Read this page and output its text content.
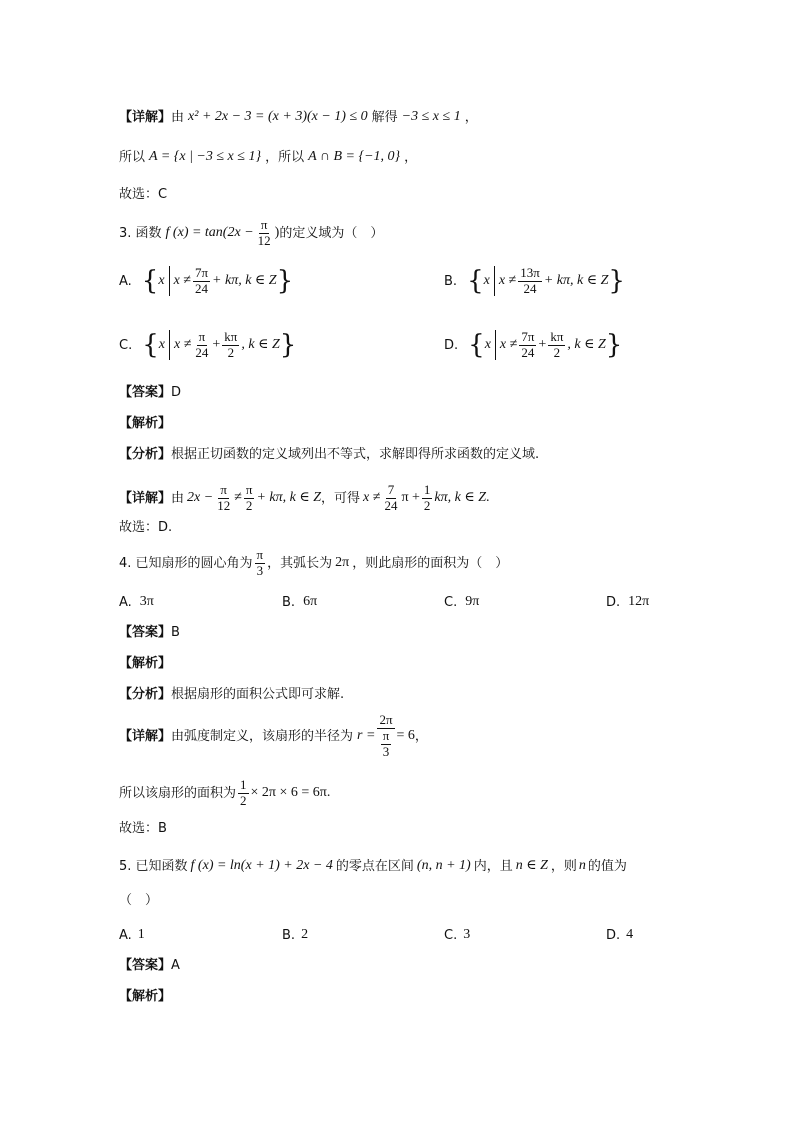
【详解】 由 x² + 2x − 3 = (x + 3)(x − 1) ≤ 0 解得 −3 ≤ x ≤ 1 ，
所以 A = {x | −3 ≤ x ≤ 1} ，所以 A ∩ B = {−1, 0} ，
故选：C
3. 函数 f $(x) = \tan(2x - \frac{\pi}{12}$ ) 的定义域为（　）
A. { x $x \ne \frac{7\pi}{24} + k\pi$, k ∈ Z }	B. { x $x \ne \frac{13\pi}{24} + k\pi$, k ∈ Z }
C. { x $x \ne \frac{\pi}{24} + \frac{k\pi}{2}$ , k ∈ Z }	D. { x $x \ne \frac{7\pi}{24} + \frac{k\pi}{2}$ , k ∈ Z }
【答案】 D
【解析】
【分析】 根据正切函数的定义域列出不等式，求解即得所求函数的定义域.
【详解】 由 $2x - \frac{\pi}{12} \ne \frac{\pi}{2} + k\pi$, k ∈ Z ，可得 $x \ne \frac{7}{24}$ $\pi + \frac{1}{2} k\pi$, k ∈ Z .
故选：D.
4. 已知扇形的圆心角为 $\frac{\pi}{3}$ ，其弧长为 2π ，则此扇形的面积为（　）
A. 3π	B. 6π	C. 9π	D. 12π
【答案】 B
【解析】
【分析】 根据扇形的面积公式即可求解.
【详解】 由弧度制定义，该扇形的半径为 r = 2π
π
3 = 6 ，
所以该扇形的面积为 $\frac{1}{2} \times 2\pi \times 6 = 6\pi$ .
故选：B
5. 已知函数 f (x) = ln(x + 1) + 2x − 4 的零点在区间 (n, n + 1) 内，且 n ∈ Z ，则 n 的值为
（　）
A. 1	B. 2	C. 3	D. 4
【答案】 A
【解析】
